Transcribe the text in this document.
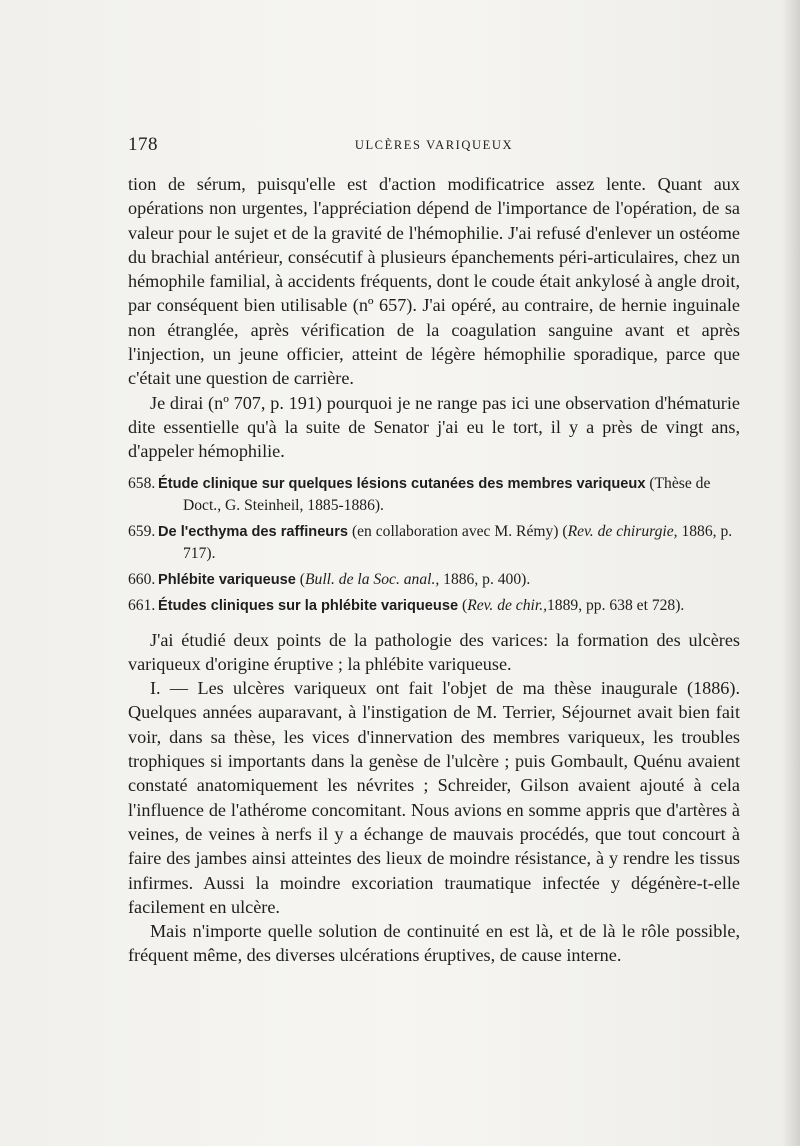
178	ULCÈRES VARIQUEUX

tion de sérum, puisqu'elle est d'action modificatrice assez lente. Quant aux opérations non urgentes, l'appréciation dépend de l'importance de l'opération, de sa valeur pour le sujet et de la gravité de l'hémophilie. J'ai refusé d'enlever un ostéome du brachial antérieur, consécutif à plusieurs épanchements péri-articulaires, chez un hémophile familial, à accidents fréquents, dont le coude était ankylosé à angle droit, par conséquent bien utilisable (nº 657). J'ai opéré, au contraire, de hernie inguinale non étranglée, après vérification de la coagulation sanguine avant et après l'injection, un jeune officier, atteint de légère hémophilie sporadique, parce que c'était une question de carrière.

Je dirai (nº 707, p. 191) pourquoi je ne range pas ici une observation d'hématurie dite essentielle qu'à la suite de Senator j'ai eu le tort, il y a près de vingt ans, d'appeler hémophilie.

658. Étude clinique sur quelques lésions cutanées des membres variqueux (Thèse de Doct., G. Steinheil, 1885-1886).
659. De l'ecthyma des raffineurs (en collaboration avec M. Rémy) (Rev. de chirurgie, 1886, p. 717).
660. Phlébite variqueuse (Bull. de la Soc. anal., 1886, p. 400).
661. Études cliniques sur la phlébite variqueuse (Rev. de chir.,1889, pp. 638 et 728).

J'ai étudié deux points de la pathologie des varices: la formation des ulcères variqueux d'origine éruptive ; la phlébite variqueuse.

I. — Les ulcères variqueux ont fait l'objet de ma thèse inaugurale (1886). Quelques années auparavant, à l'instigation de M. Terrier, Séjournet avait bien fait voir, dans sa thèse, les vices d'innervation des membres variqueux, les troubles trophiques si importants dans la genèse de l'ulcère ; puis Gombault, Quénu avaient constaté anatomiquement les névrites ; Schreider, Gilson avaient ajouté à cela l'influence de l'athérome concomitant. Nous avions en somme appris que d'artères à veines, de veines à nerfs il y a échange de mauvais procédés, que tout concourt à faire des jambes ainsi atteintes des lieux de moindre résistance, à y rendre les tissus infirmes. Aussi la moindre excoriation traumatique infectée y dégénère-t-elle facilement en ulcère.

Mais n'importe quelle solution de continuité en est là, et de là le rôle possible, fréquent même, des diverses ulcérations éruptives, de cause interne.
